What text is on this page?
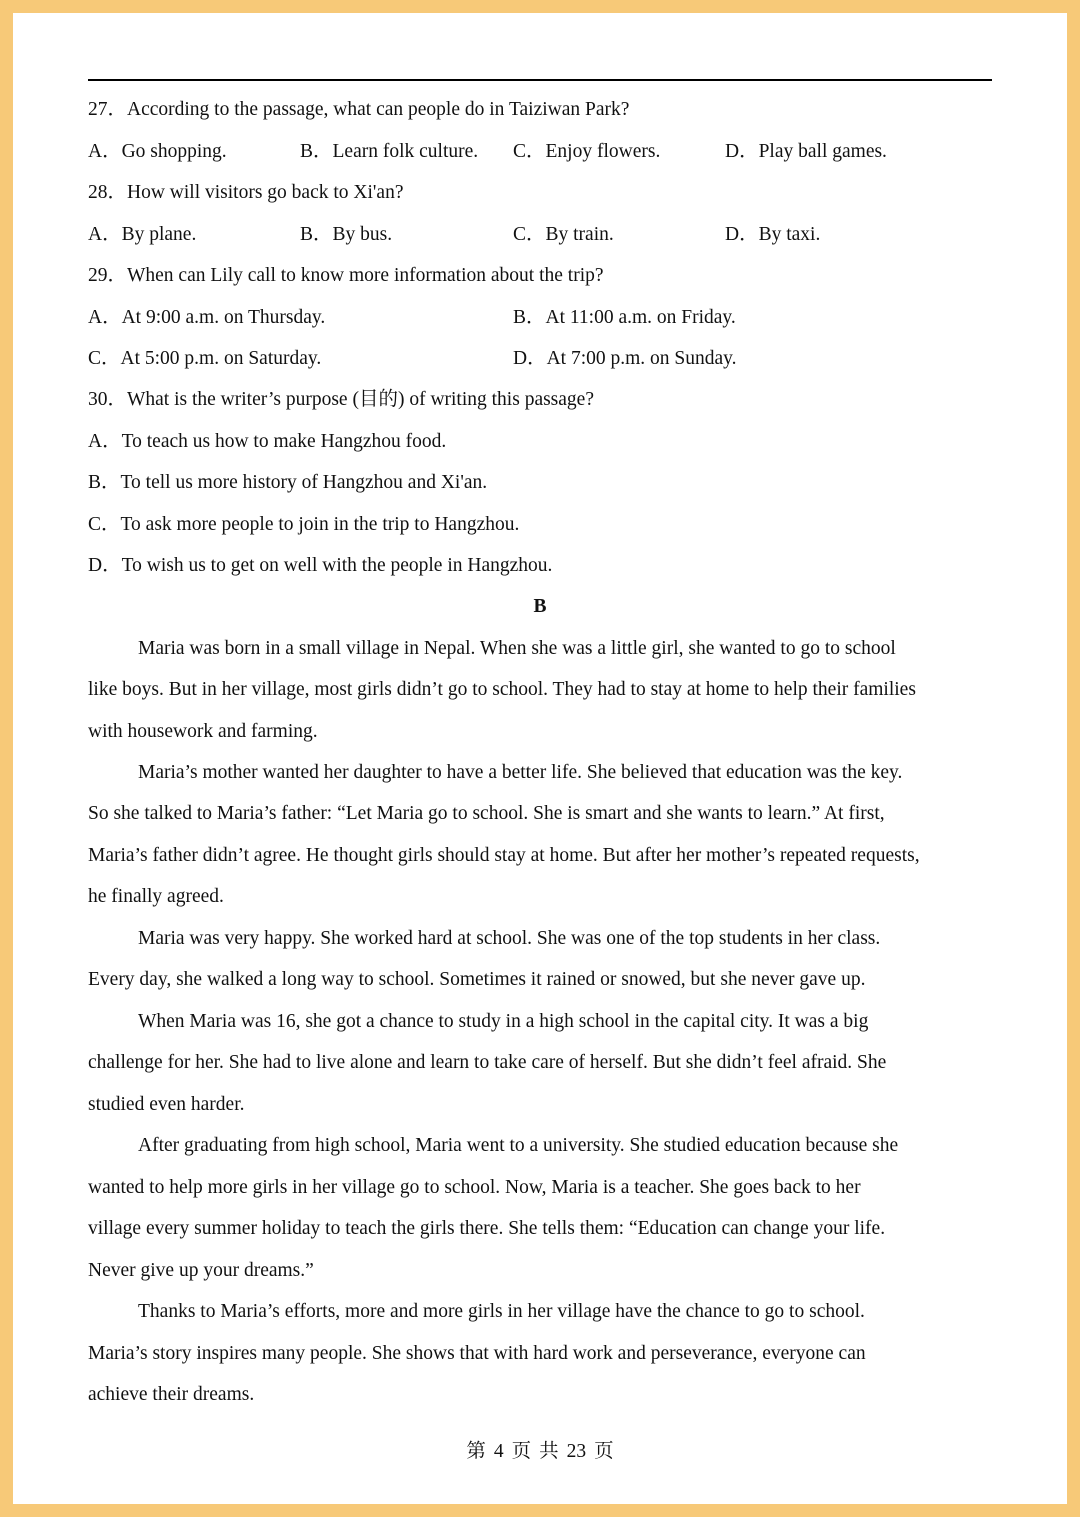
27．According to the passage, what can people do in Taiziwan Park?
A．Go shopping.	B．Learn folk culture. C．Enjoy flowers.	D．Play ball games.
28．How will visitors go back to Xi'an?
A．By plane.	B．By bus.	C．By train.	D．By taxi.
29．When can Lily call to know more information about the trip?
A．At 9:00 a.m. on Thursday.	B．At 11:00 a.m. on Friday.
C．At 5:00 p.m. on Saturday.	D．At 7:00 p.m. on Sunday.
30．What is the writer’s purpose (目的) of writing this passage?
A．To teach us how to make Hangzhou food.
B．To tell us more history of Hangzhou and Xi'an.
C．To ask more people to join in the trip to Hangzhou.
D．To wish us to get on well with the people in Hangzhou.
B
Maria was born in a small village in Nepal. When she was a little girl, she wanted to go to school
like boys. But in her village, most girls didn’t go to school. They had to stay at home to help their families
with housework and farming.
Maria’s mother wanted her daughter to have a better life. She believed that education was the key.
So she talked to Maria’s father: “Let Maria go to school. She is smart and she wants to learn.” At first,
Maria’s father didn’t agree. He thought girls should stay at home. But after her mother’s repeated requests,
he finally agreed.
Maria was very happy. She worked hard at school. She was one of the top students in her class.
Every day, she walked a long way to school. Sometimes it rained or snowed, but she never gave up.
When Maria was 16, she got a chance to study in a high school in the capital city. It was a big
challenge for her. She had to live alone and learn to take care of herself. But she didn’t feel afraid. She
studied even harder.
After graduating from high school, Maria went to a university. She studied education because she
wanted to help more girls in her village go to school. Now, Maria is a teacher. She goes back to her
village every summer holiday to teach the girls there. She tells them: “Education can change your life.
Never give up your dreams.”
Thanks to Maria’s efforts, more and more girls in her village have the chance to go to school.
Maria’s story inspires many people. She shows that with hard work and perseverance, everyone can
achieve their dreams.
第 4 页 共 23 页
